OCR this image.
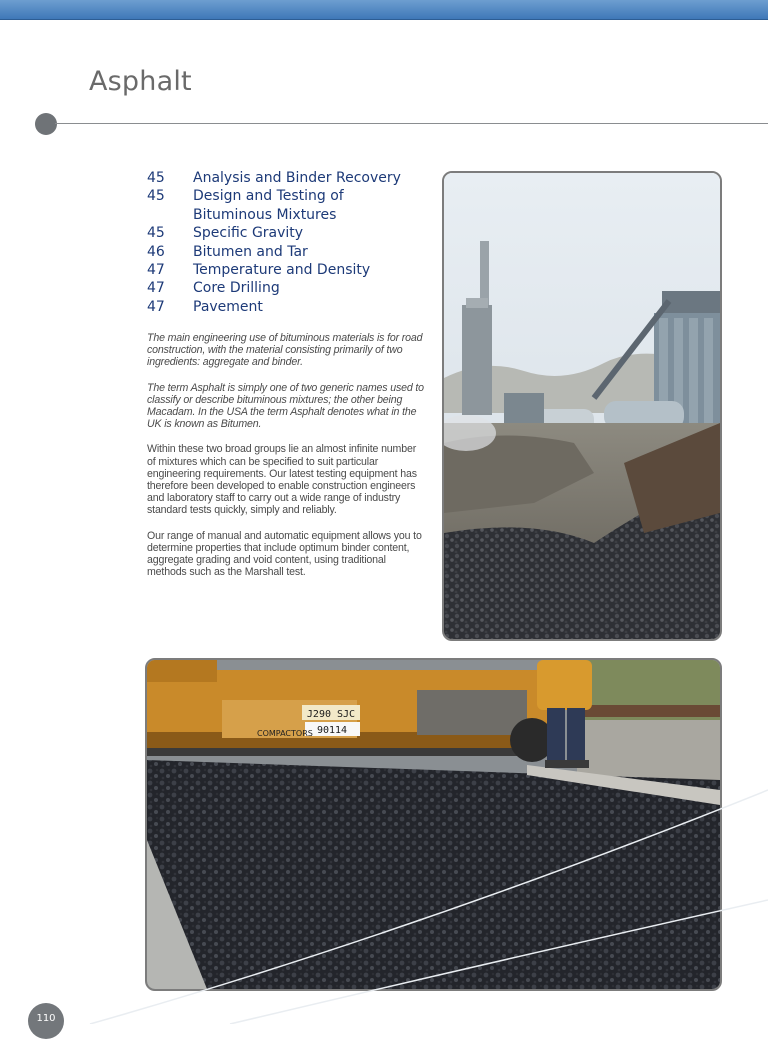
Asphalt
45	Analysis and Binder Recovery
45	Design and Testing of Bituminous Mixtures
45	Specific Gravity
46	Bitumen and Tar
47	Temperature and Density
47	Core Drilling
47	Pavement

The main engineering use of bituminous materials is for road construction, with the material consisting primarily of two ingredients: aggregate and binder.

The term Asphalt is simply one of two generic names used to classify or describe bituminous mixtures; the other being Macadam. In the USA the term Asphalt denotes what in the UK is known as Bitumen.

Within these two broad groups lie an almost infinite number of mixtures which can be specified to suit particular engineering requirements. Our latest testing equipment has therefore been developed to enable construction engineers and laboratory staff to carry out a wide range of industry standard tests quickly, simply and reliably.

Our range of manual and automatic equipment allows you to determine properties that include optimum binder content, aggregate grading and void content, using traditional methods such as the Marshall test.

J290 SJC
90114
COMPACTORS
110
